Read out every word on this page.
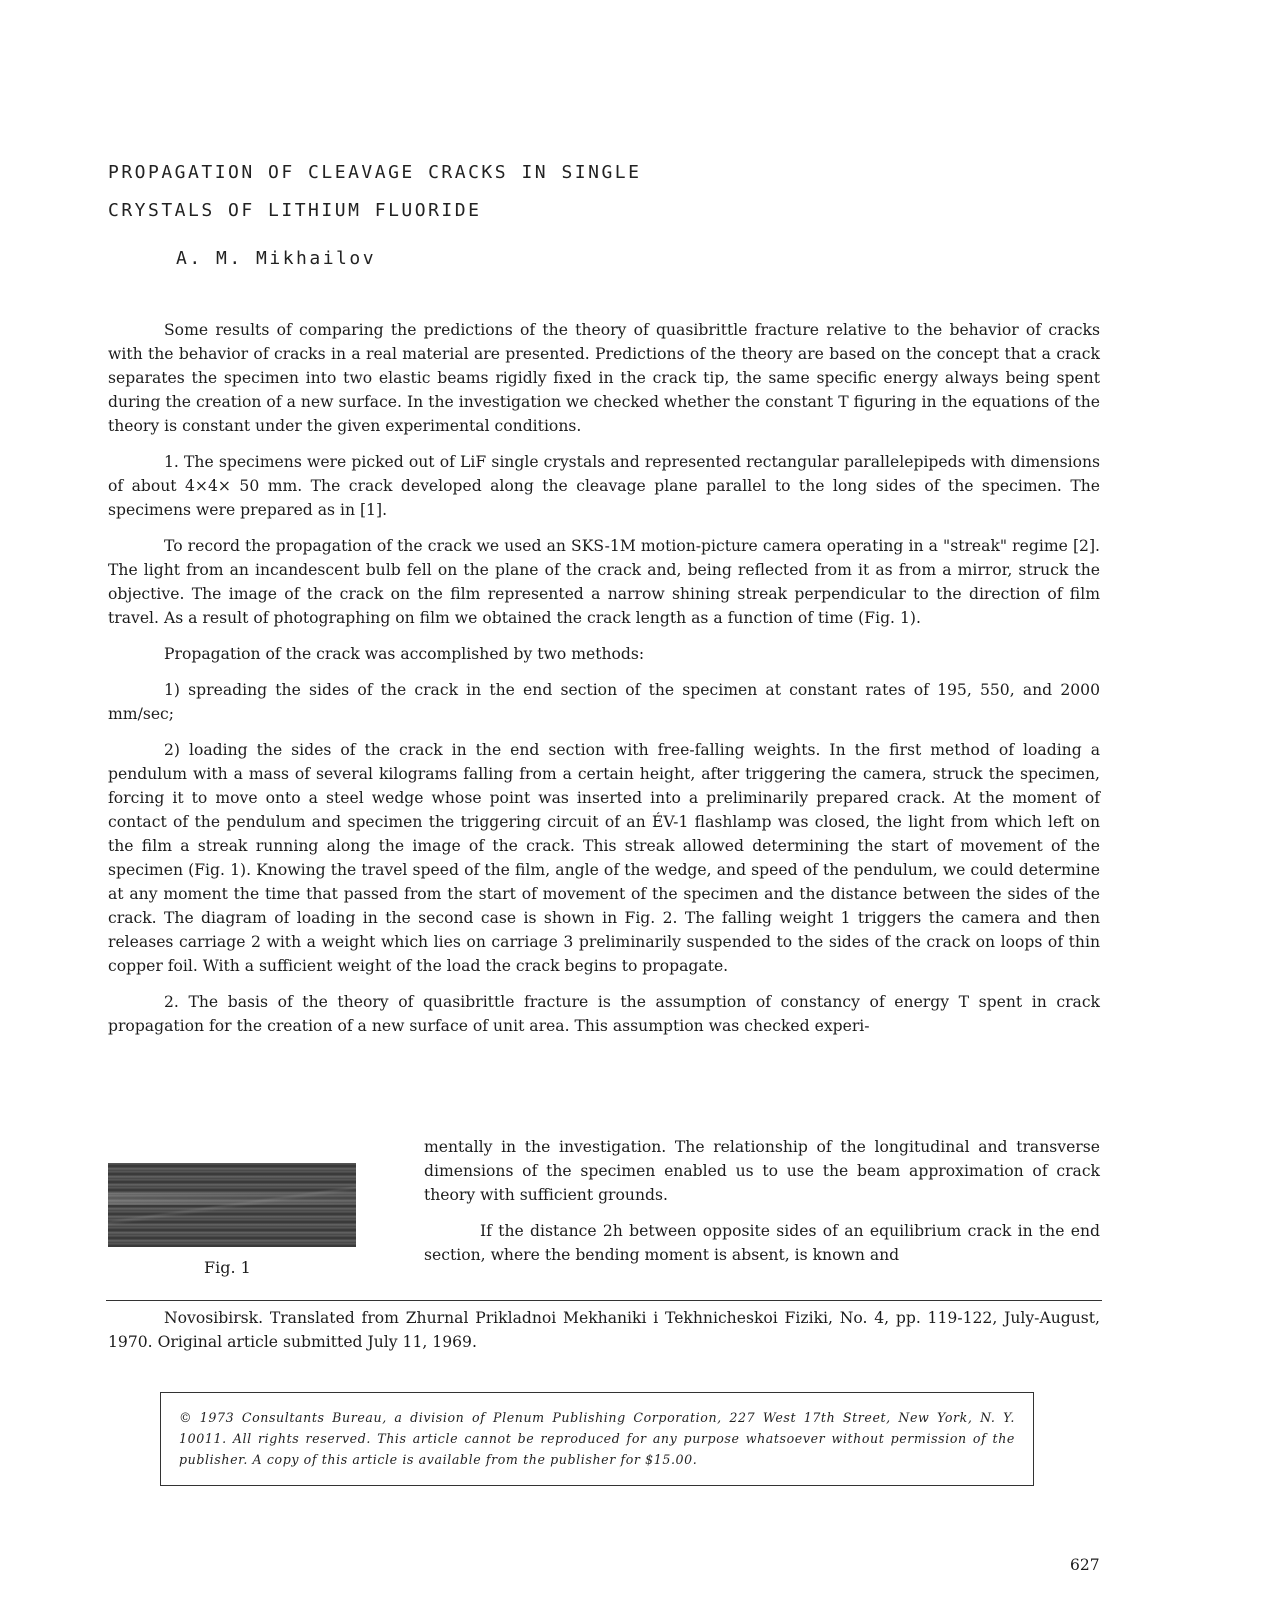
PROPAGATION OF CLEAVAGE CRACKS IN SINGLE
CRYSTALS OF LITHIUM FLUORIDE
A. M. Mikhailov

Some results of comparing the predictions of the theory of quasibrittle fracture relative to the behavior of cracks with the behavior of cracks in a real material are presented. Predictions of the theory are based on the concept that a crack separates the specimen into two elastic beams rigidly fixed in the crack tip, the same specific energy always being spent during the creation of a new surface. In the investigation we checked whether the constant T figuring in the equations of the theory is constant under the given experimental conditions.

1. The specimens were picked out of LiF single crystals and represented rectangular parallelepipeds with dimensions of about 4×4× 50 mm. The crack developed along the cleavage plane parallel to the long sides of the specimen. The specimens were prepared as in [1].

To record the propagation of the crack we used an SKS-1M motion-picture camera operating in a "streak" regime [2]. The light from an incandescent bulb fell on the plane of the crack and, being reflected from it as from a mirror, struck the objective. The image of the crack on the film represented a narrow shining streak perpendicular to the direction of film travel. As a result of photographing on film we obtained the crack length as a function of time (Fig. 1).

Propagation of the crack was accomplished by two methods:

1) spreading the sides of the crack in the end section of the specimen at constant rates of 195, 550, and 2000 mm/sec;

2) loading the sides of the crack in the end section with free-falling weights. In the first method of loading a pendulum with a mass of several kilograms falling from a certain height, after triggering the camera, struck the specimen, forcing it to move onto a steel wedge whose point was inserted into a preliminarily prepared crack. At the moment of contact of the pendulum and specimen the triggering circuit of an ÉV-1 flashlamp was closed, the light from which left on the film a streak running along the image of the crack. This streak allowed determining the start of movement of the specimen (Fig. 1). Knowing the travel speed of the film, angle of the wedge, and speed of the pendulum, we could determine at any moment the time that passed from the start of movement of the specimen and the distance between the sides of the crack. The diagram of loading in the second case is shown in Fig. 2. The falling weight 1 triggers the camera and then releases carriage 2 with a weight which lies on carriage 3 preliminarily suspended to the sides of the crack on loops of thin copper foil. With a sufficient weight of the load the crack begins to propagate.

2. The basis of the theory of quasibrittle fracture is the assumption of constancy of energy T spent in crack propagation for the creation of a new surface of unit area. This assumption was checked experi-

mentally in the investigation. The relationship of the longitudinal and transverse dimensions of the specimen enabled us to use the beam approximation of crack theory with sufficient grounds.

If the distance 2h between opposite sides of an equilibrium crack in the end section, where the bending moment is absent, is known and

Fig. 1

Novosibirsk. Translated from Zhurnal Prikladnoi Mekhaniki i Tekhnicheskoi Fiziki, No. 4, pp. 119-122, July-August, 1970. Original article submitted July 11, 1969.

© 1973 Consultants Bureau, a division of Plenum Publishing Corporation, 227 West 17th Street, New York, N. Y. 10011. All rights reserved. This article cannot be reproduced for any purpose whatsoever without permission of the publisher. A copy of this article is available from the publisher for $15.00.

627
